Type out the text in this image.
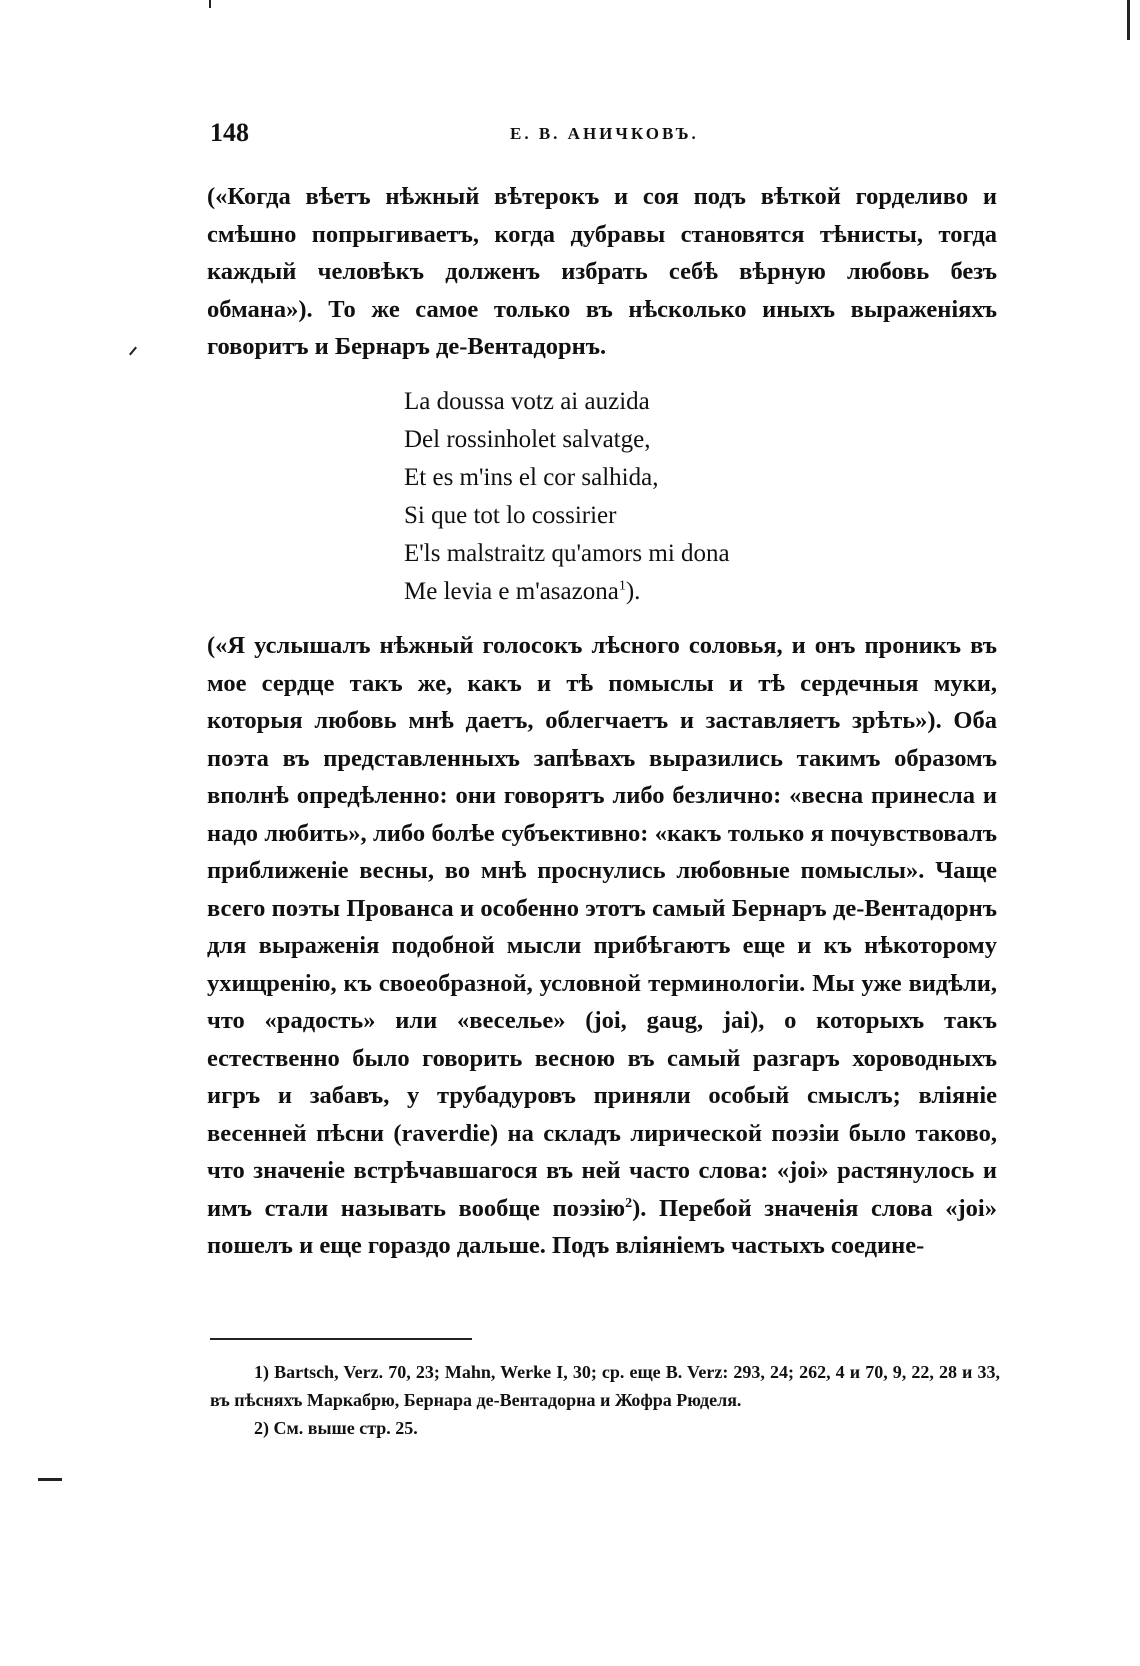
148	Е. В. АНИЧКОВЪ.

(«Когда вѣетъ нѣжный вѣтерокъ и соя подъ вѣткой горделиво и смѣшно попрыгиваетъ, когда дубравы становятся тѣнисты, тогда каждый человѣкъ долженъ избрать себѣ вѣрную любовь безъ обмана»). То же самое только въ нѣсколько иныхъ выраженіяхъ говоритъ и Бернаръ де-Вентадорнъ.

La doussa votz ai auzida
Del rossinholet salvatge,
Et es m'ins el cor salhida,
Si que tot lo cossirier
E'ls malstraitz qu'amors mi dona
Me levia e m'asazona$^1$).

(«Я услышалъ нѣжный голосокъ лѣсного соловья, и онъ проникъ въ мое сердце такъ же, какъ и тѣ помыслы и тѣ сердечныя муки, которыя любовь мнѣ даетъ, облегчаетъ и заставляетъ зрѣть»). Оба поэта въ представленныхъ запѣвахъ выразились такимъ образомъ вполнѣ опредѣленно: они говорятъ либо безлично: «весна принесла и надо любить», либо болѣе субъективно: «какъ только я почувствовалъ приближеніе весны, во мнѣ проснулись любовные помыслы». Чаще всего поэты Прованса и особенно этотъ самый Бернаръ де-Вентадорнъ для выраженія подобной мысли прибѣгаютъ еще и къ нѣкоторому ухищренію, къ своеобразной, условной терминологіи. Мы уже видѣли, что «радость» или «веселье» (joi, gaug, jai), о которыхъ такъ естественно было говорить весною въ самый разгаръ хороводныхъ игръ и забавъ, у трубадуровъ приняли особый смыслъ; вліяніе весенней пѣсни (raverdie) на складъ лирической поэзіи было таково, что значеніе встрѣчавшагося въ ней часто слова: «joi» растянулось и имъ стали называть вообще поэзію$^2$). Перебой значенія слова «joi» пошелъ и еще гораздо дальше. Подъ вліяніемъ частыхъ соедине-

1) Bartsch, Verz. 70, 23; Mahn, Werke I, 30; ср. еще B. Verz: 293, 24; 262, 4 и 70, 9, 22, 28 и 33, въ пѣсняхъ Маркабрю, Бернара де-Вентадорна и Жофра Рюделя.

2) См. выше стр. 25.
